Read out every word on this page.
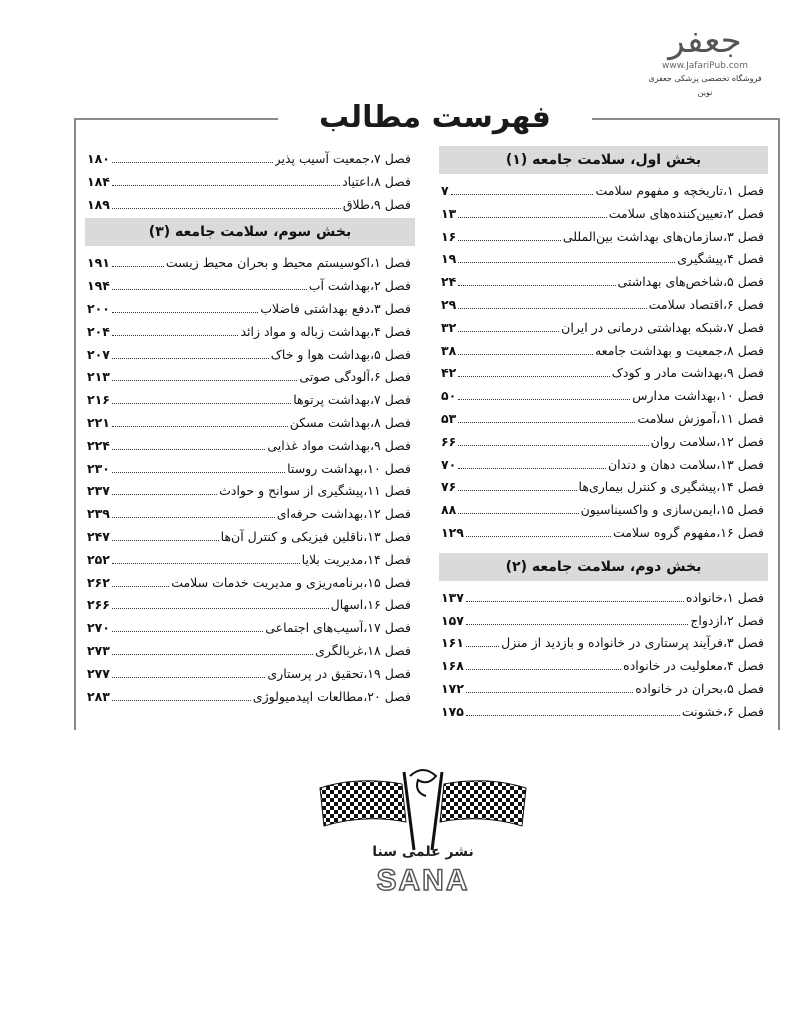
ﺟﻌﻔﺮ
www.JafariPub.com
فروشگاه تخصصی پزشکی جعفری نوین
فهرست مطالب
بخش اول، سلامت جامعه (۱)
فصل ۱،
تاریخچه و مفهوم سلامت
۷
فصل ۲،
تعیین‌کننده‌های سلامت
۱۳
فصل ۳،
سازمان‌های بهداشت بین‌المللی
۱۶
فصل ۴،
پیشگیری
۱۹
فصل ۵،
شاخص‌های بهداشتی
۲۴
فصل ۶،
اقتصاد سلامت
۲۹
فصل ۷،
شبکه بهداشتی درمانی در ایران
۳۲
فصل ۸،
جمعیت و بهداشت جامعه
۳۸
فصل ۹،
بهداشت مادر و کودک
۴۲
فصل ۱۰،
بهداشت مدارس
۵۰
فصل ۱۱،
آموزش سلامت
۵۳
فصل ۱۲،
سلامت روان
۶۶
فصل ۱۳،
سلامت دهان و دندان
۷۰
فصل ۱۴،
پیشگیری و کنترل بیماری‌ها
۷۶
فصل ۱۵،
ایمن‌سازی و واکسیناسیون
۸۸
فصل ۱۶،
مفهوم گروه سلامت
۱۲۹
بخش دوم، سلامت جامعه (۲)
فصل ۱،
خانواده
۱۳۷
فصل ۲،
ازدواج
۱۵۷
فصل ۳،
فرآیند پرستاری در خانواده و بازدید از منزل
۱۶۱
فصل ۴،
معلولیت در خانواده
۱۶۸
فصل ۵،
بحران در خانواده
۱۷۲
فصل ۶،
خشونت
۱۷۵
فصل ۷،
جمعیت آسیب پذیر
۱۸۰
فصل ۸،
اعتیاد
۱۸۴
فصل ۹،
طلاق
۱۸۹
بخش سوم، سلامت جامعه (۳)
فصل ۱،
اکوسیستم محیط و بحران محیط زیست
۱۹۱
فصل ۲،
بهداشت آب
۱۹۴
فصل ۳،
دفع بهداشتی فاضلاب
۲۰۰
فصل ۴،
بهداشت زباله و مواد زائد
۲۰۴
فصل ۵،
بهداشت هوا و خاک
۲۰۷
فصل ۶،
آلودگی صوتی
۲۱۳
فصل ۷،
بهداشت پرتوها
۲۱۶
فصل ۸،
بهداشت مسکن
۲۲۱
فصل ۹،
بهداشت مواد غذایی
۲۲۴
فصل ۱۰،
بهداشت روستا
۲۳۰
فصل ۱۱،
پیشگیری از سوانح و حوادث
۲۳۷
فصل ۱۲،
بهداشت حرفه‌ای
۲۳۹
فصل ۱۳،
ناقلین فیزیکی و کنترل آن‌ها
۲۴۷
فصل ۱۴،
مدیریت بلایا
۲۵۲
فصل ۱۵،
برنامه‌ریزی و مدیریت خدمات سلامت
۲۶۲
فصل ۱۶،
اسهال
۲۶۶
فصل ۱۷،
آسیب‌های اجتماعی
۲۷۰
فصل ۱۸،
غربالگری
۲۷۳
فصل ۱۹،
تحقیق در پرستاری
۲۷۷
فصل ۲۰،
مطالعات اپیدمیولوژی
۲۸۳
نشر علمی سنا
SANA
